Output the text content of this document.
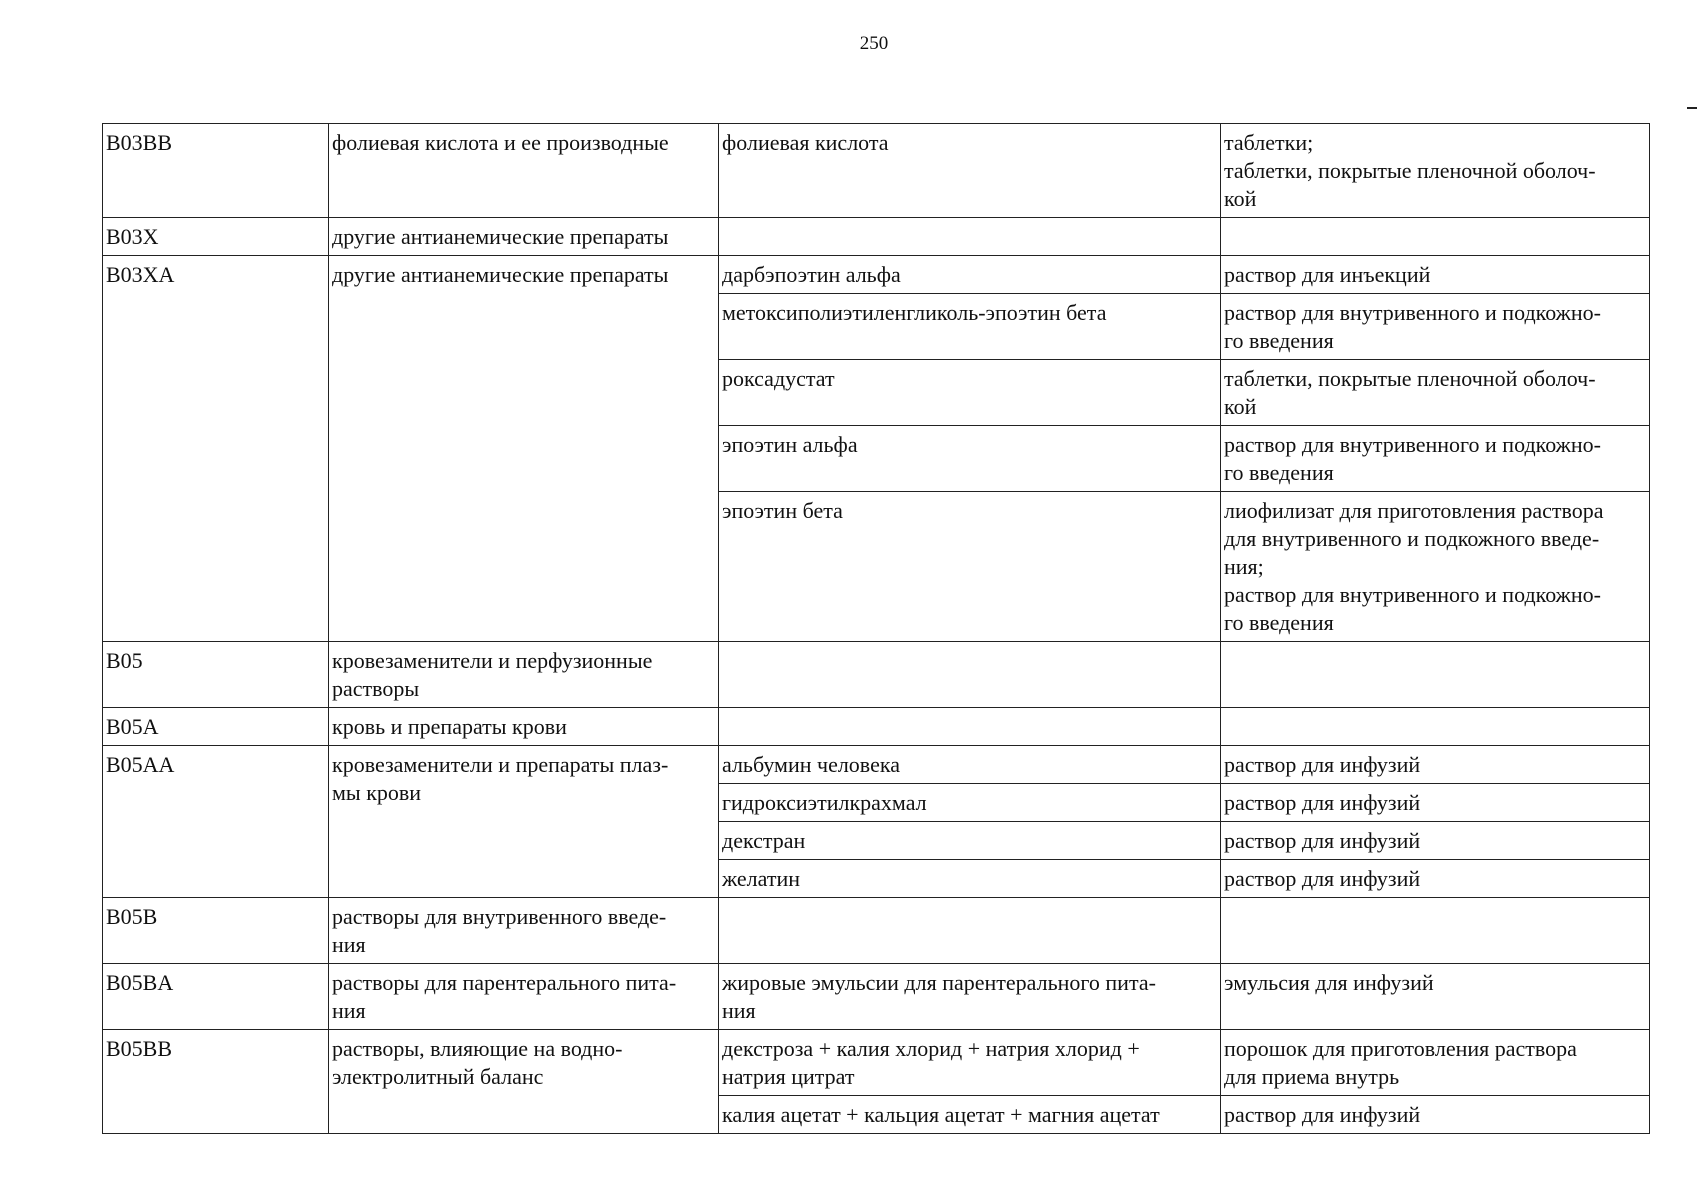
250
B03BB	фолиевая кислота и ее производные	фолиевая кислота	таблетки;
таблетки, покрытые пленочной оболоч-
кой
B03X	другие антианемические препараты		
B03XA	другие антианемические препараты	дарбэпоэтин альфа	раствор для инъекций
		метоксиполиэтиленгликоль-эпоэтин бета	раствор для внутривенного и подкожно-
го введения
		роксадустат	таблетки, покрытые пленочной оболоч-
кой
		эпоэтин альфа	раствор для внутривенного и подкожно-
го введения
		эпоэтин бета	лиофилизат для приготовления раствора
для внутривенного и подкожного введе-
ния;
раствор для внутривенного и подкожно-
го введения
B05	кровезаменители и перфузионные
растворы		
B05A	кровь и препараты крови		
B05AA	кровезаменители и препараты плаз-
мы крови	альбумин человека	раствор для инфузий
		гидроксиэтилкрахмал	раствор для инфузий
		декстран	раствор для инфузий
		желатин	раствор для инфузий
B05B	растворы для внутривенного введе-
ния		
B05BA	растворы для парентерального пита-
ния	жировые эмульсии для парентерального пита-
ния	эмульсия для инфузий
B05BB	растворы, влияющие на водно-
электролитный баланс	декстроза + калия хлорид + натрия хлорид +
натрия цитрат	порошок для приготовления раствора
для приема внутрь
		калия ацетат + кальция ацетат + магния ацетат	раствор для инфузий
